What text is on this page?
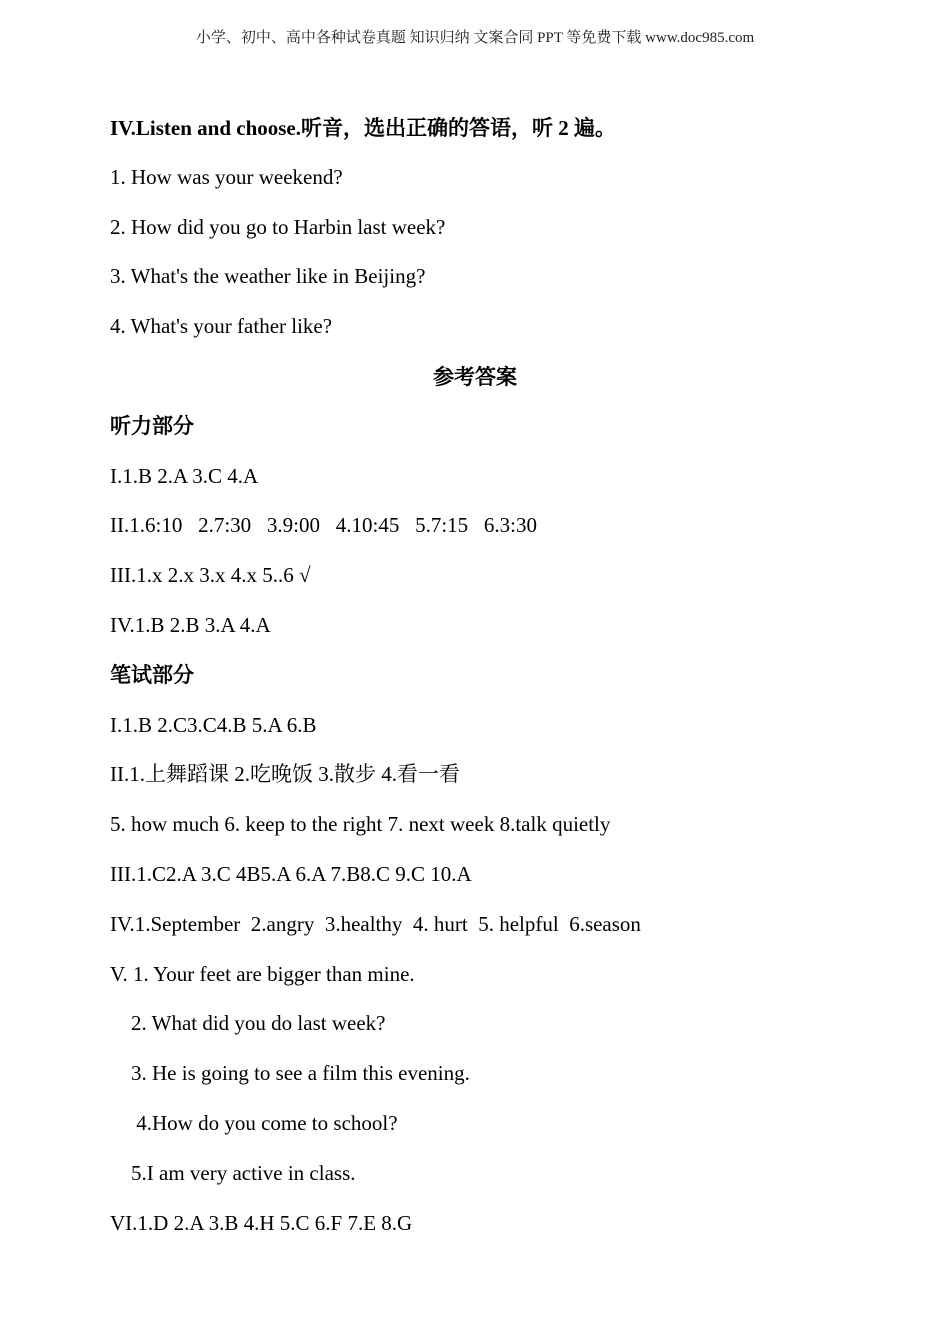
小学、初中、高中各种试卷真题 知识归纳 文案合同 PPT 等免费下载 www.doc985.com
IV.Listen and choose.听音，选出正确的答语，听 2 遍。
1. How was your weekend?
2. How did you go to Harbin last week?
3. What's the weather like in Beijing?
4. What's your father like?
参考答案
听力部分
I.1.B 2.A 3.C 4.A
II.1.6:10   2.7:30   3.9:00   4.10:45   5.7:15   6.3:30
III.1.x 2.x 3.x 4.x 5..6 √
IV.1.B 2.B 3.A 4.A
笔试部分
I.1.B 2.C3.C4.B 5.A 6.B
II.1.上舞蹈课 2.吃晚饭 3.散步 4.看一看
5. how much 6. keep to the right 7. next week 8.talk quietly
III.1.C2.A 3.C 4B5.A 6.A 7.B8.C 9.C 10.A
IV.1.September  2.angry  3.healthy  4. hurt  5. helpful  6.season
V. 1. Your feet are bigger than mine.
2. What did you do last week?
3. He is going to see a film this evening.
4.How do you come to school?
5.I am very active in class.
VI.1.D 2.A 3.B 4.H 5.C 6.F 7.E 8.G
